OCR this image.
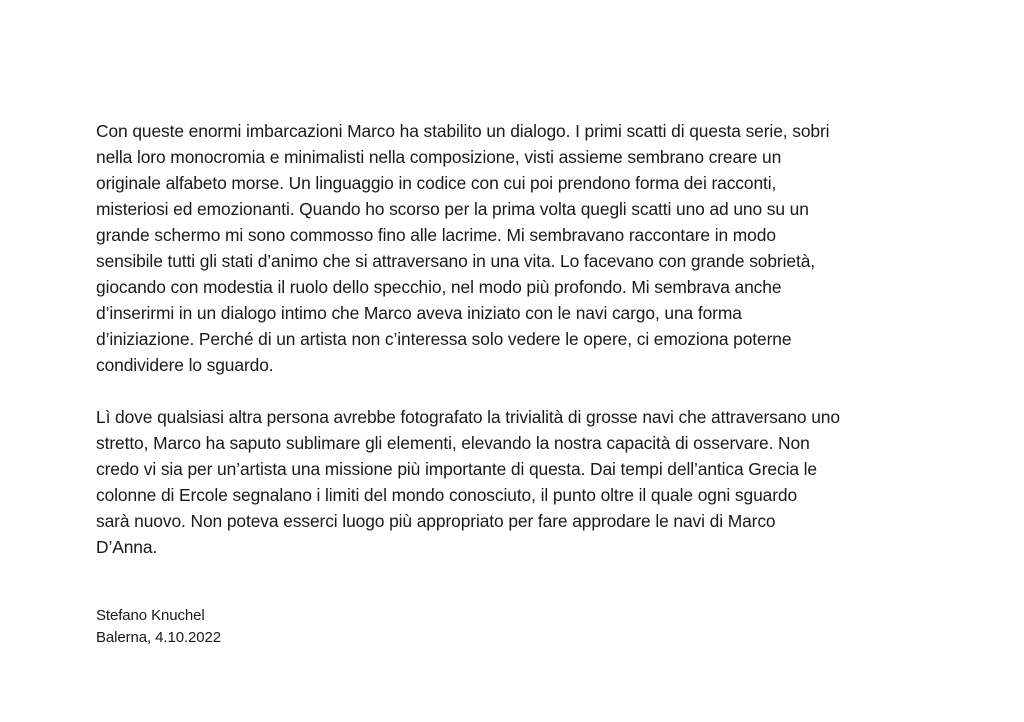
Con queste enormi imbarcazioni Marco ha stabilito un dialogo. I primi scatti di questa serie, sobri
nella loro monocromia e minimalisti nella composizione, visti assieme sembrano creare un
originale alfabeto morse. Un linguaggio in codice con cui poi prendono forma dei racconti,
misteriosi ed emozionanti. Quando ho scorso per la prima volta quegli scatti uno ad uno su un
grande schermo mi sono commosso fino alle lacrime. Mi sembravano raccontare in modo
sensibile tutti gli stati d’animo che si attraversano in una vita. Lo facevano con grande sobrietà,
giocando con modestia il ruolo dello specchio, nel modo più profondo. Mi sembrava anche
d’inserirmi in un dialogo intimo che Marco aveva iniziato con le navi cargo, una forma
d’iniziazione. Perché di un artista non c’interessa solo vedere le opere, ci emoziona poterne
condividere lo sguardo.

Lì dove qualsiasi altra persona avrebbe fotografato la trivialità di grosse navi che attraversano uno
stretto, Marco ha saputo sublimare gli elementi, elevando la nostra capacità di osservare. Non
credo vi sia per un’artista una missione più importante di questa. Dai tempi dell’antica Grecia le
colonne di Ercole segnalano i limiti del mondo conosciuto, il punto oltre il quale ogni sguardo
sarà nuovo. Non poteva esserci luogo più appropriato per fare approdare le navi di Marco
D’Anna.

Stefano Knuchel
Balerna, 4.10.2022
